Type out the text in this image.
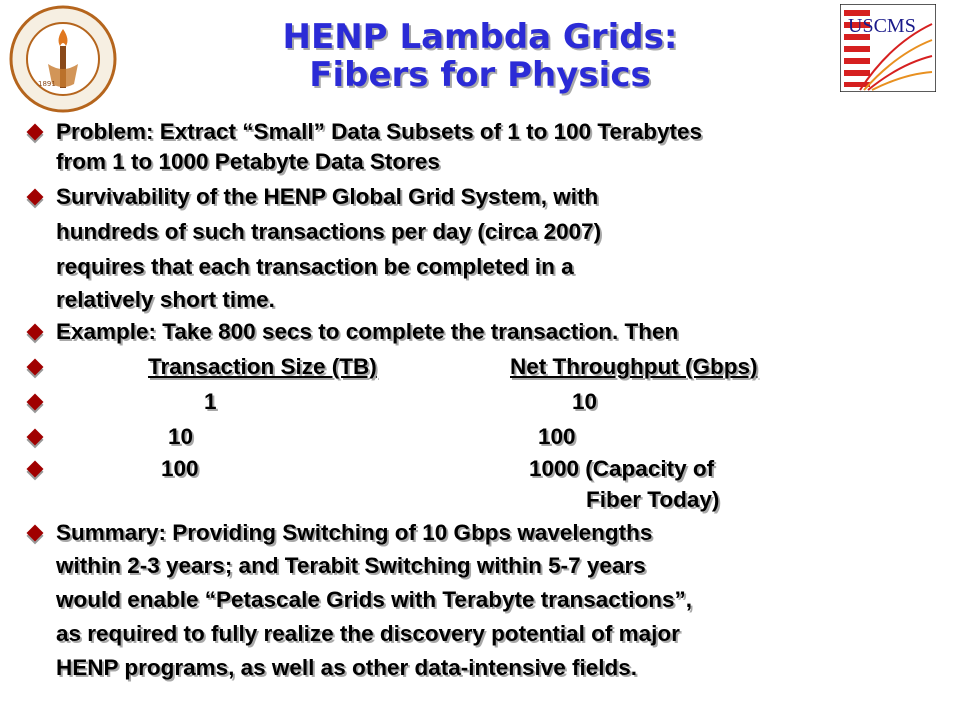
HENP Lambda Grids:
Fibers for Physics
1891
USCMS
Problem: Extract “Small” Data Subsets of 1 to 100 Terabytes
from 1 to 1000 Petabyte Data Stores
Survivability of the HENP Global Grid System, with
hundreds of such transactions per day (circa 2007)
requires that each transaction be completed in a
relatively short time.
Example: Take 800 secs to complete the transaction. Then
Transaction Size (TB)	Net Throughput (Gbps)
1	10
10	100
100	1000 (Capacity of
Fiber Today)
Summary: Providing Switching of 10 Gbps wavelengths
within 2-3 years; and Terabit Switching within 5-7 years
would enable “Petascale Grids with Terabyte transactions”,
as required to fully realize the discovery potential of major
HENP programs, as well as other data-intensive fields.
